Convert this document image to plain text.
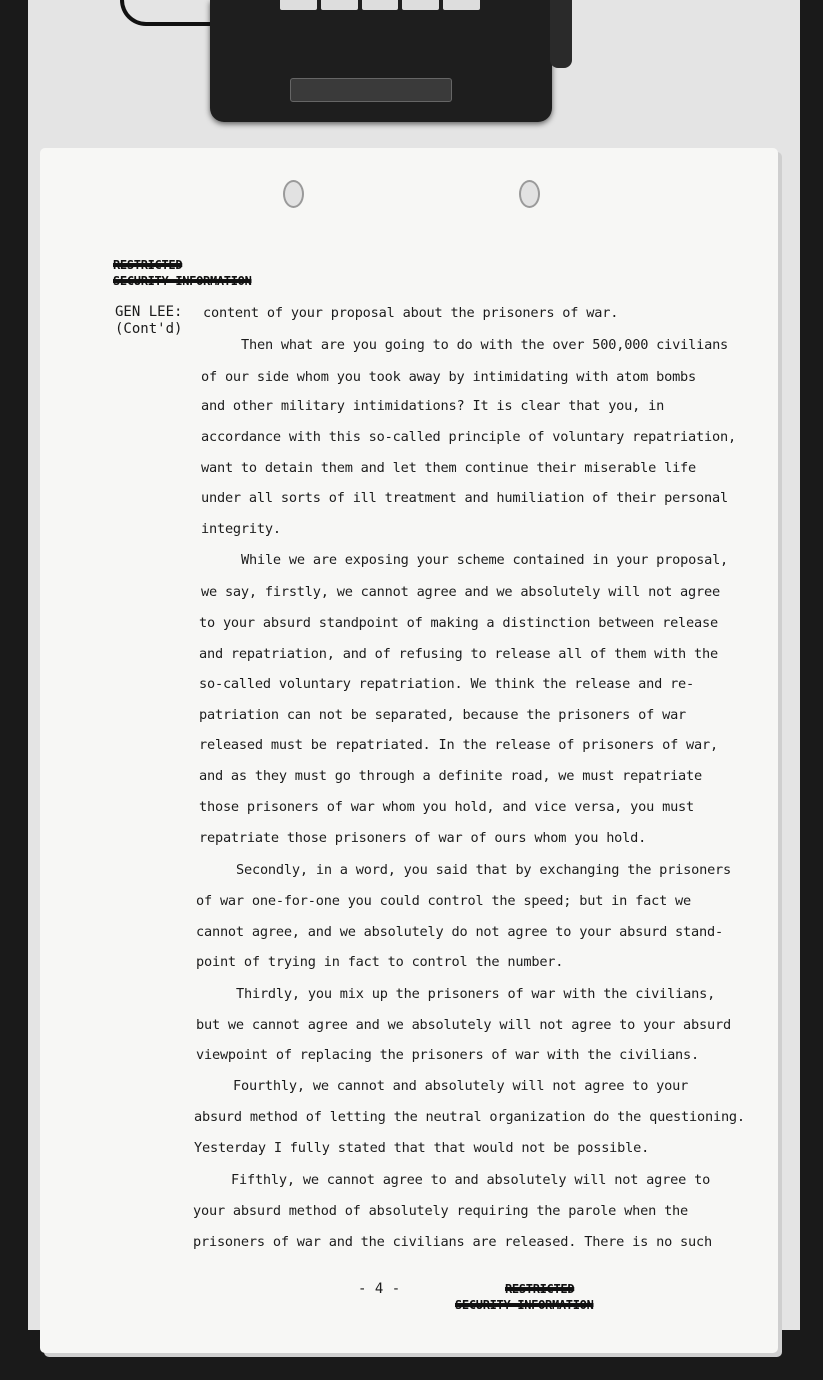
RESTRICTED
SECURITY INFORMATION
GEN LEE:
(Cont'd)
content of your proposal about the prisoners of war.
Then what are you going to do with the over 500,000 civilians
of our side whom you took away by intimidating with atom bombs
and other military intimidations? It is clear that you, in
accordance with this so-called principle of voluntary repatriation,
want to detain them and let them continue their miserable life
under all sorts of ill treatment and humiliation of their personal
integrity.
While we are exposing your scheme contained in your proposal,
we say, firstly, we cannot agree and we absolutely will not agree
to your absurd standpoint of making a distinction between release
and repatriation, and of refusing to release all of them with the
so-called voluntary repatriation. We think the release and re-
patriation can not be separated, because the prisoners of war
released must be repatriated. In the release of prisoners of war,
and as they must go through a definite road, we must repatriate
those prisoners of war whom you hold, and vice versa, you must
repatriate those prisoners of war of ours whom you hold.
Secondly, in a word, you said that by exchanging the prisoners
of war one-for-one you could control the speed; but in fact we
cannot agree, and we absolutely do not agree to your absurd stand-
point of trying in fact to control the number.
Thirdly, you mix up the prisoners of war with the civilians,
but we cannot agree and we absolutely will not agree to your absurd
viewpoint of replacing the prisoners of war with the civilians.
Fourthly, we cannot and absolutely will not agree to your
absurd method of letting the neutral organization do the questioning.
Yesterday I fully stated that that would not be possible.
Fifthly, we cannot agree to and absolutely will not agree to
your absurd method of absolutely requiring the parole when the
prisoners of war and the civilians are released. There is no such
- 4 -	RESTRICTED
SECURITY INFORMATION
